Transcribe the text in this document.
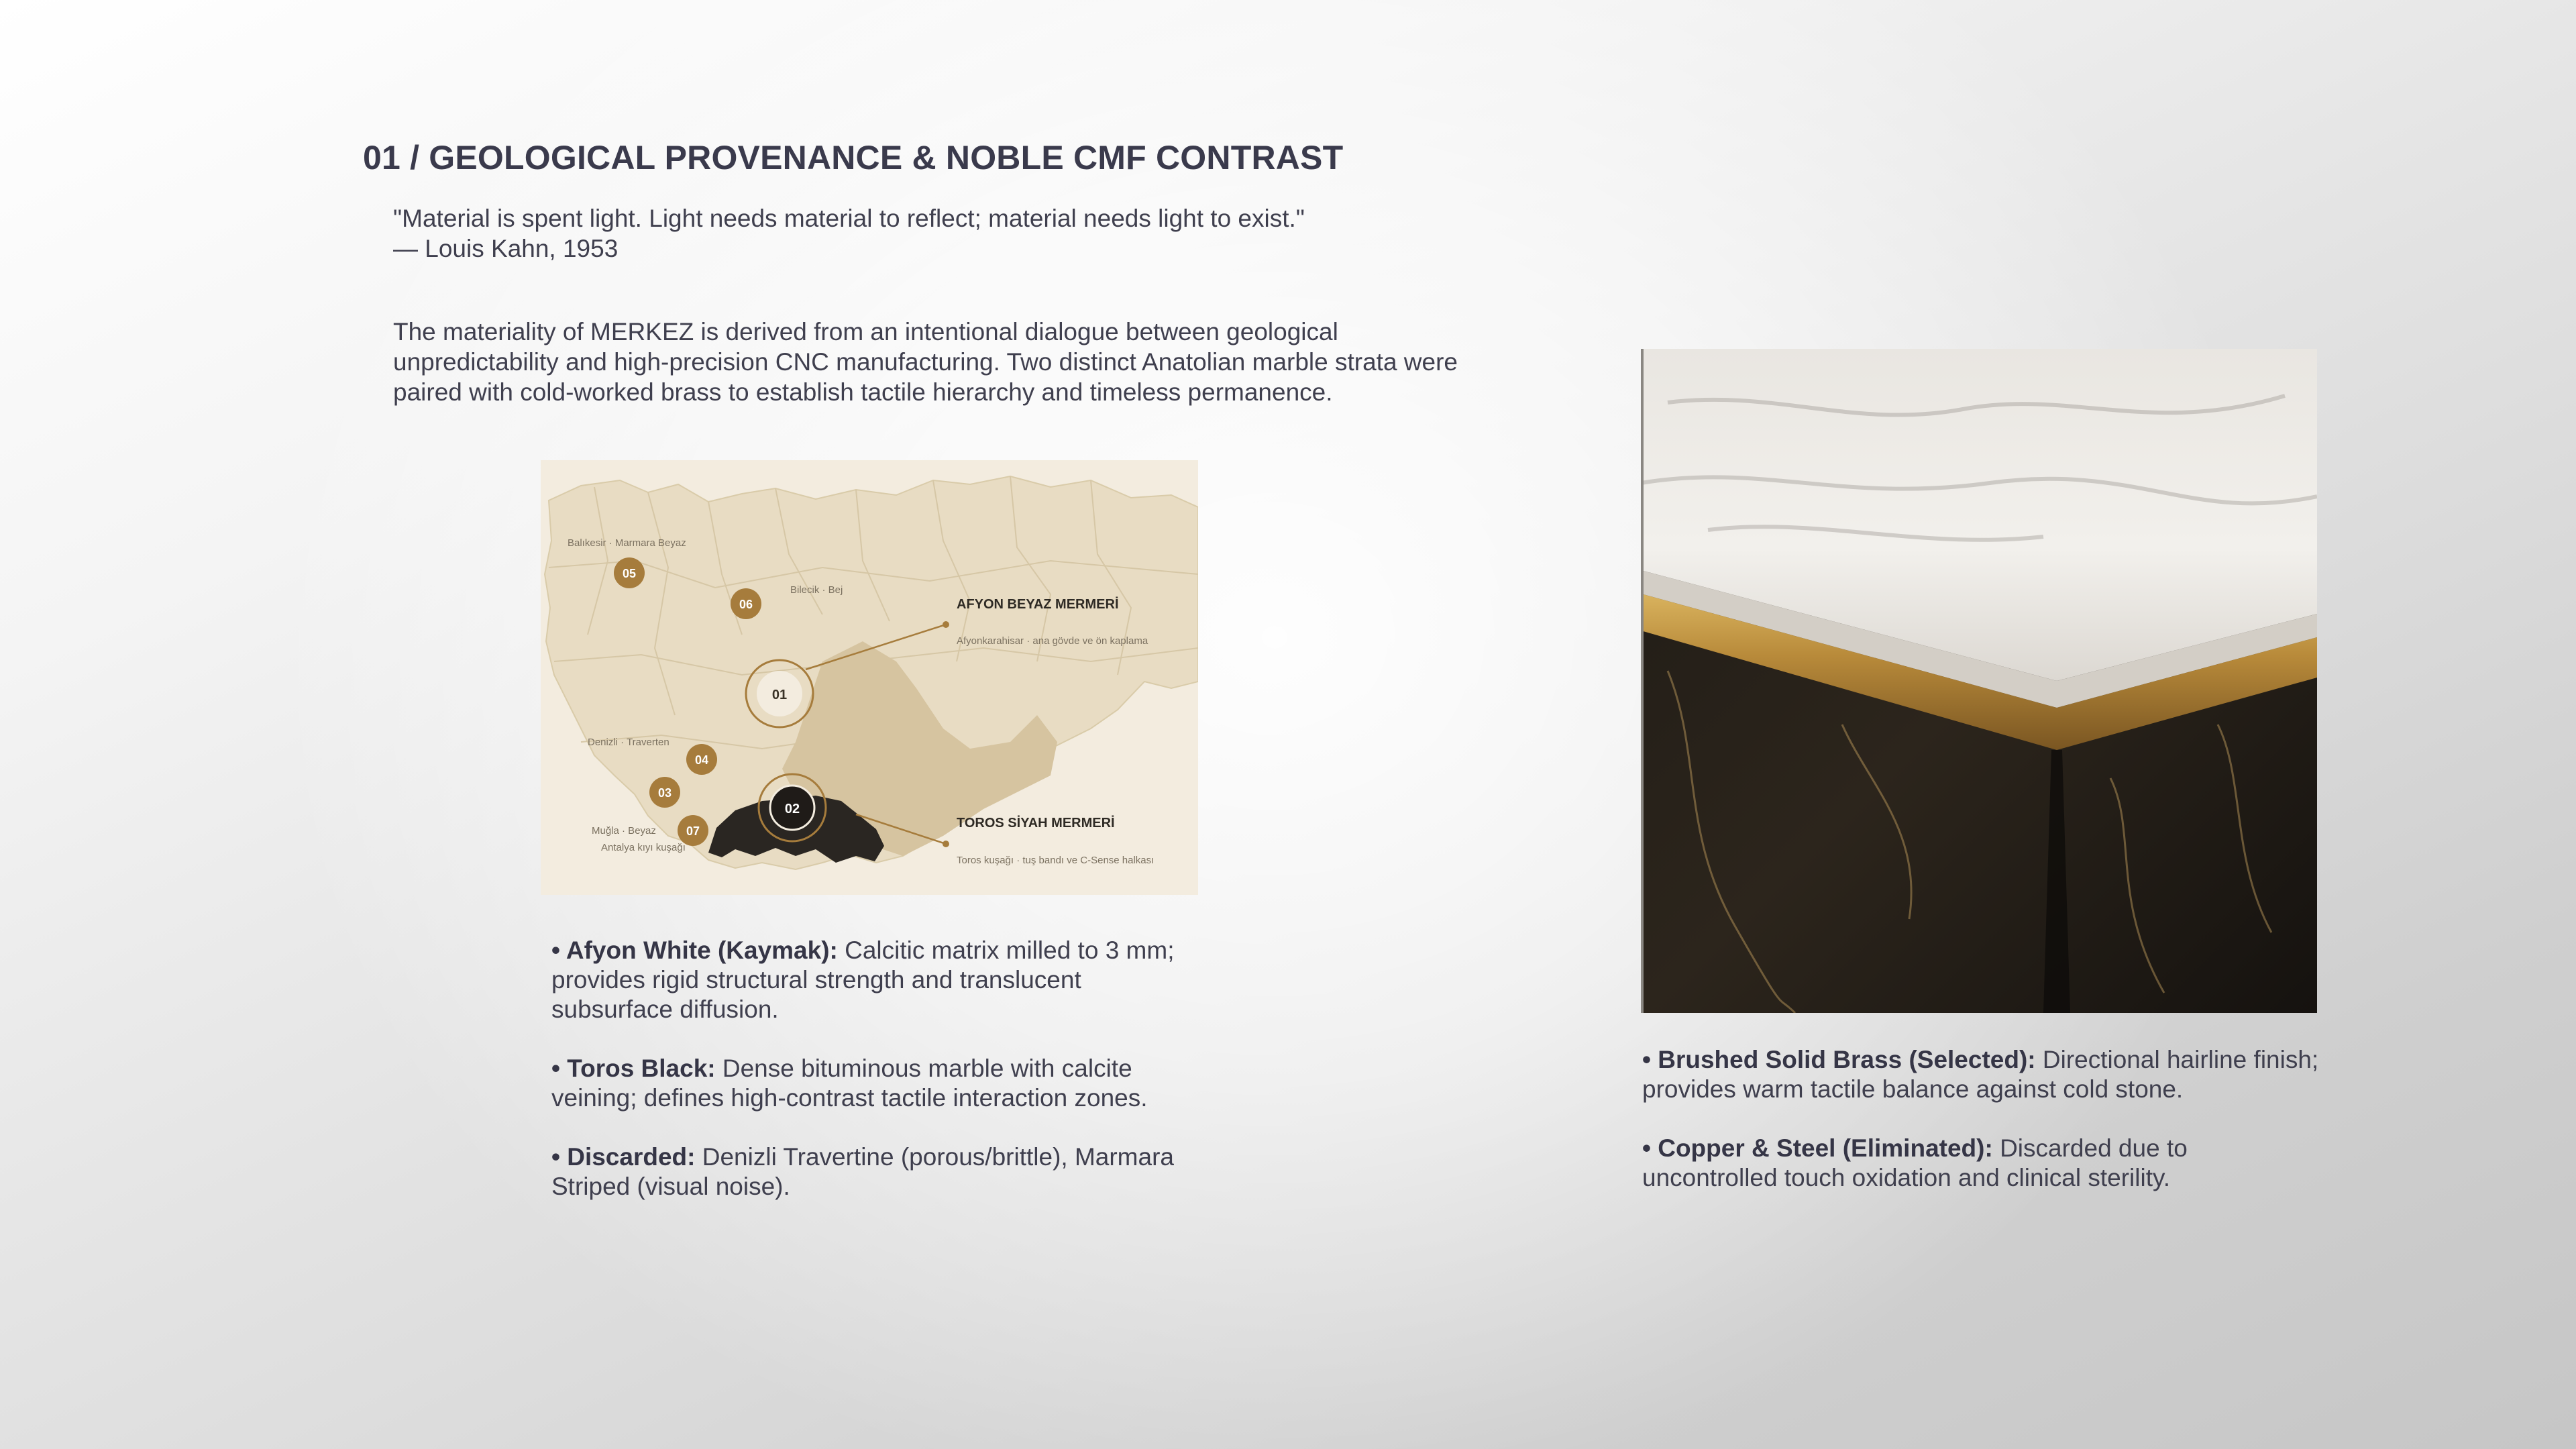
01 / GEOLOGICAL PROVENANCE & NOBLE CMF CONTRAST
"Material is spent light. Light needs material to reflect; material needs light to exist."
— Louis Kahn, 1953
The materiality of MERKEZ is derived from an intentional dialogue between geological
unpredictability and high-precision CNC manufacturing. Two distinct Anatolian marble strata were
paired with cold-worked brass to establish tactile hierarchy and timeless permanence.
01
02
05
06
04
03
07
Balıkesir · Marmara Beyaz
Bilecik · Bej
Denizli · Traverten
Muğla · Beyaz
Antalya kıyı kuşağı
AFYON BEYAZ MERMERİ
Afyonkarahisar · ana gövde ve ön kaplama
TOROS SİYAH MERMERİ
Toros kuşağı · tuş bandı ve C-Sense halkası

• Afyon White (Kaymak): Calcitic matrix milled to 3 mm; provides rigid structural strength and translucent subsurface diffusion.

• Toros Black: Dense bituminous marble with calcite veining; defines high-contrast tactile interaction zones.

• Discarded: Denizli Travertine (porous/brittle), Marmara Striped (visual noise).

• Brushed Solid Brass (Selected): Directional hairline finish; provides warm tactile balance against cold stone.

• Copper & Steel (Eliminated): Discarded due to uncontrolled touch oxidation and clinical sterility.
